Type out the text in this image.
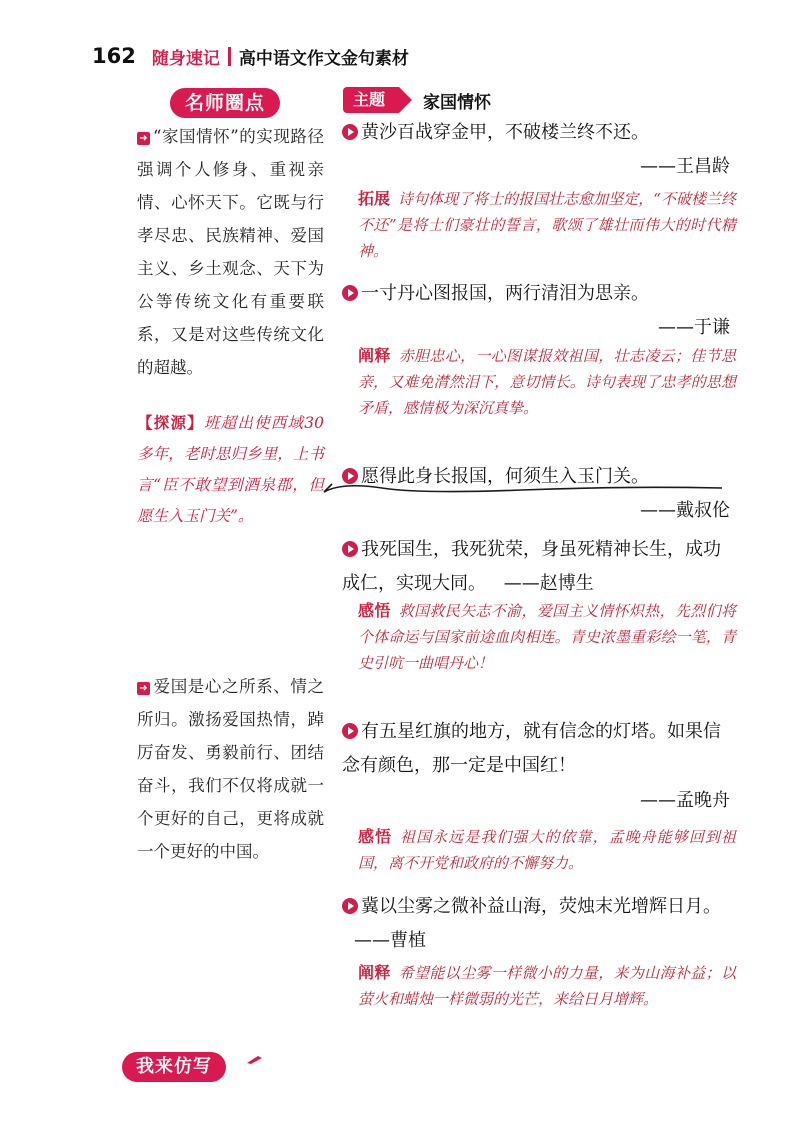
162 随身速记 高中语文作文金句素材
名师圈点
➜ “家国情怀”的实现路径强调个人修身、重视亲情、心怀天下。它既与行孝尽忠、民族精神、爱国主义、乡土观念、天下为公等传统文化有重要联系，又是对这些传统文化的超越。
【探源】班超出使西域30多年，老时思归乡里，上书言“臣不敢望到酒泉郡，但愿生入玉门关”。
➜ 爱国是心之所系、情之所归。激扬爱国热情，踔厉奋发、勇毅前行、团结奋斗，我们不仅将成就一个更好的自己，更将成就一个更好的中国。
主题	家国情怀
黄沙百战穿金甲，不破楼兰终不还。
——王昌龄
拓展 诗句体现了将士的报国壮志愈加坚定，“不破楼兰终不还”是将士们豪壮的誓言，歌颂了雄壮而伟大的时代精神。
一寸丹心图报国，两行清泪为思亲。
——于谦
阐释 赤胆忠心，一心图谋报效祖国，壮志凌云；佳节思亲，又难免潸然泪下，意切情长。诗句表现了忠孝的思想矛盾，感情极为深沉真挚。
愿得此身长报国，何须生入玉门关。
——戴叔伦
我死国生，我死犹荣，身虽死精神长生，成功成仁，实现大同。 ——赵博生
感悟 救国救民矢志不渝，爱国主义情怀炽热，先烈们将个体命运与国家前途血肉相连。青史浓墨重彩绘一笔，青史引吭一曲唱丹心！
有五星红旗的地方，就有信念的灯塔。如果信念有颜色，那一定是中国红！
——孟晚舟
感悟 祖国永远是我们强大的依靠，孟晚舟能够回到祖国，离不开党和政府的不懈努力。
冀以尘雾之微补益山海，荧烛末光增辉日月。 ——曹植
阐释 希望能以尘雾一样微小的力量，来为山海补益；以萤火和蜡烛一样微弱的光芒，来给日月增辉。
我来仿写
